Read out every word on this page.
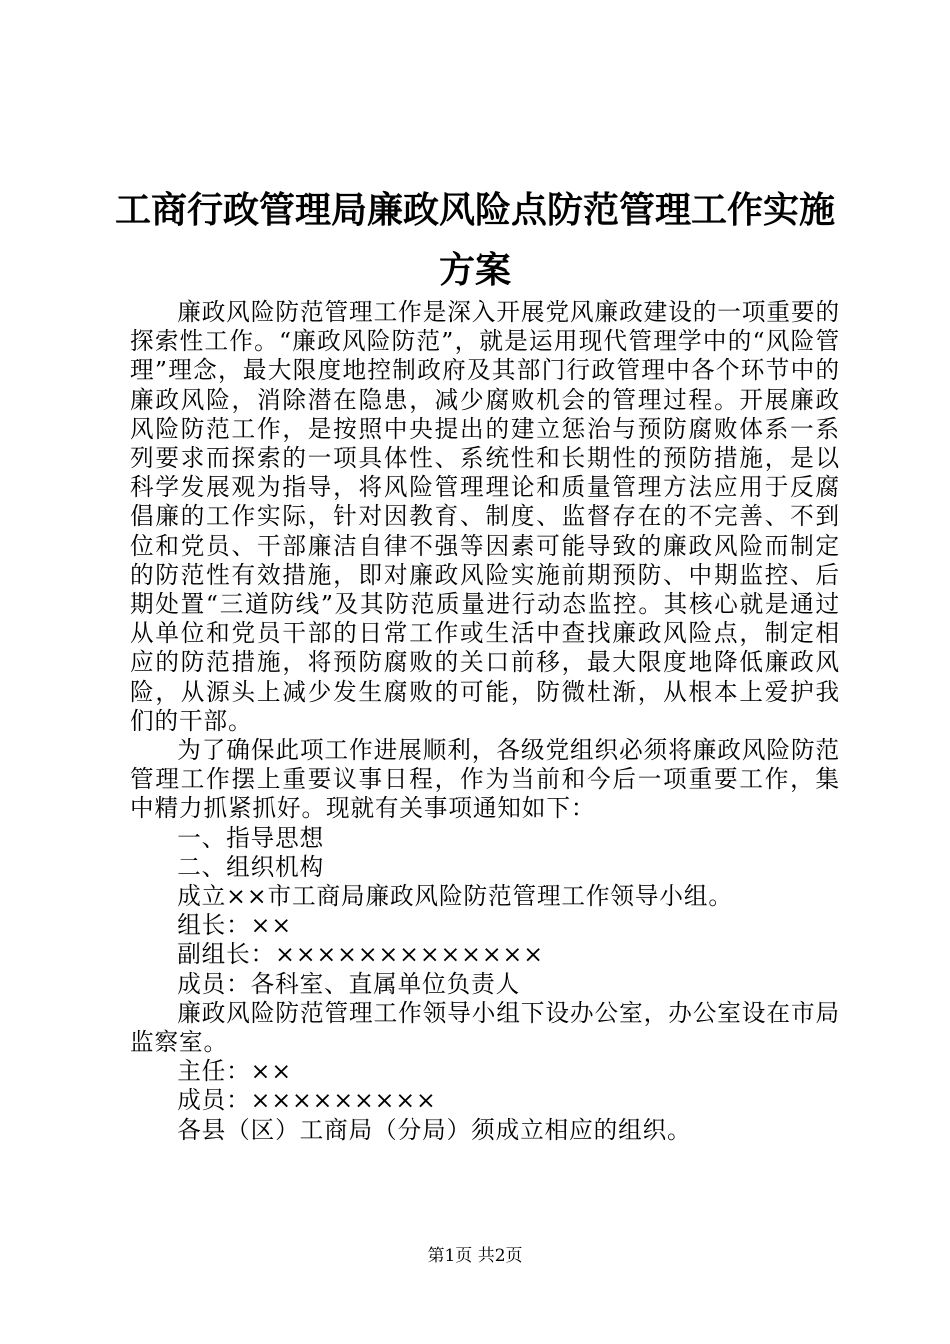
工商行政管理局廉政风险点防范管理工作实施
方案

廉政风险防范管理工作是深入开展党风廉政建设的一项重要的探索性工作。“廉政风险防范”，就是运用现代管理学中的“风险管理”理念，最大限度地控制政府及其部门行政管理中各个环节中的廉政风险，消除潜在隐患，减少腐败机会的管理过程。开展廉政风险防范工作，是按照中央提出的建立惩治与预防腐败体系一系列要求而探索的一项具体性、系统性和长期性的预防措施，是以科学发展观为指导，将风险管理理论和质量管理方法应用于反腐倡廉的工作实际，针对因教育、制度、监督存在的不完善、不到位和党员、干部廉洁自律不强等因素可能导致的廉政风险而制定的防范性有效措施，即对廉政风险实施前期预防、中期监控、后期处置“三道防线”及其防范质量进行动态监控。其核心就是通过从单位和党员干部的日常工作或生活中查找廉政风险点，制定相应的防范措施，将预防腐败的关口前移，最大限度地降低廉政风险，从源头上减少发生腐败的可能，防微杜渐，从根本上爱护我们的干部。

为了确保此项工作进展顺利，各级党组织必须将廉政风险防范管理工作摆上重要议事日程，作为当前和今后一项重要工作，集中精力抓紧抓好。现就有关事项通知如下：

一、指导思想

二、组织机构

成立××市工商局廉政风险防范管理工作领导小组。

组长：××

副组长：×××××××××××××

成员：各科室、直属单位负责人

廉政风险防范管理工作领导小组下设办公室，办公室设在市局监察室。

主任：××

成员：×××××××××

各县（区）工商局（分局）须成立相应的组织。

第1页 共2页
